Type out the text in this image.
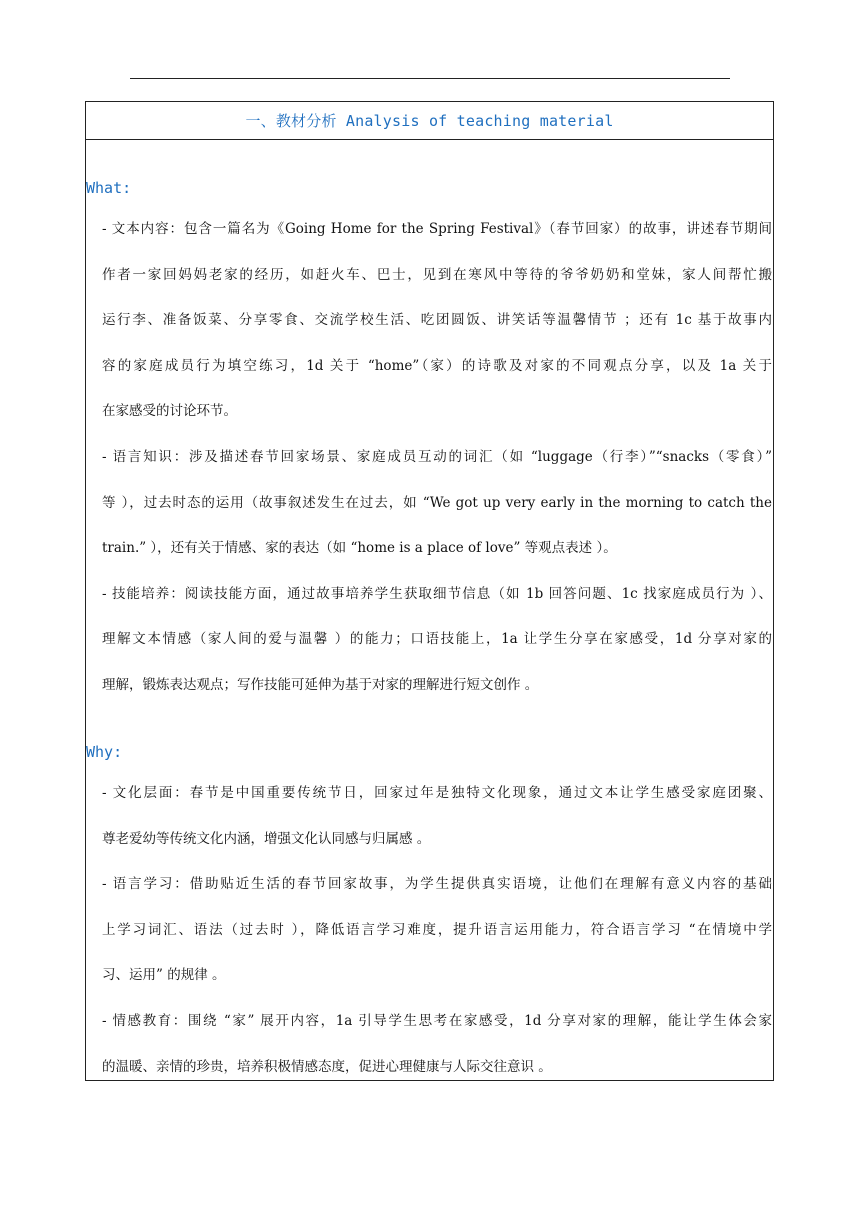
一、教材分析 Analysis of teaching material
What:
- 文本内容：包含一篇名为《Going Home for the Spring Festival》（春节回家）的故事，讲述春节期间
作者一家回妈妈老家的经历，如赶火车、巴士，见到在寒风中等待的爷爷奶奶和堂妹，家人间帮忙搬
运行李、准备饭菜、分享零食、交流学校生活、吃团圆饭、讲笑话等温馨情节 ；还有 1c 基于故事内
容的家庭成员行为填空练习，1d 关于 “home”（家）的诗歌及对家的不同观点分享，以及 1a 关于
在家感受的讨论环节。
- 语言知识：涉及描述春节回家场景、家庭成员互动的词汇（如 “luggage（行李）”“snacks（零食）”
等 ），过去时态的运用（故事叙述发生在过去，如 “We got up very early in the morning to catch the
train.” ），还有关于情感、家的表达（如 “home is a place of love” 等观点表述 ）。
- 技能培养：阅读技能方面，通过故事培养学生获取细节信息（如 1b 回答问题、1c 找家庭成员行为 ）、
理解文本情感（家人间的爱与温馨 ）的能力；口语技能上，1a 让学生分享在家感受，1d 分享对家的
理解，锻炼表达观点；写作技能可延伸为基于对家的理解进行短文创作 。
Why:
- 文化层面：春节是中国重要传统节日，回家过年是独特文化现象，通过文本让学生感受家庭团聚、
尊老爱幼等传统文化内涵，增强文化认同感与归属感 。
- 语言学习：借助贴近生活的春节回家故事，为学生提供真实语境，让他们在理解有意义内容的基础
上学习词汇、语法（过去时 ），降低语言学习难度，提升语言运用能力，符合语言学习 “在情境中学
习、运用” 的规律 。
- 情感教育：围绕 “家” 展开内容，1a 引导学生思考在家感受，1d 分享对家的理解，能让学生体会家
的温暖、亲情的珍贵，培养积极情感态度，促进心理健康与人际交往意识 。
